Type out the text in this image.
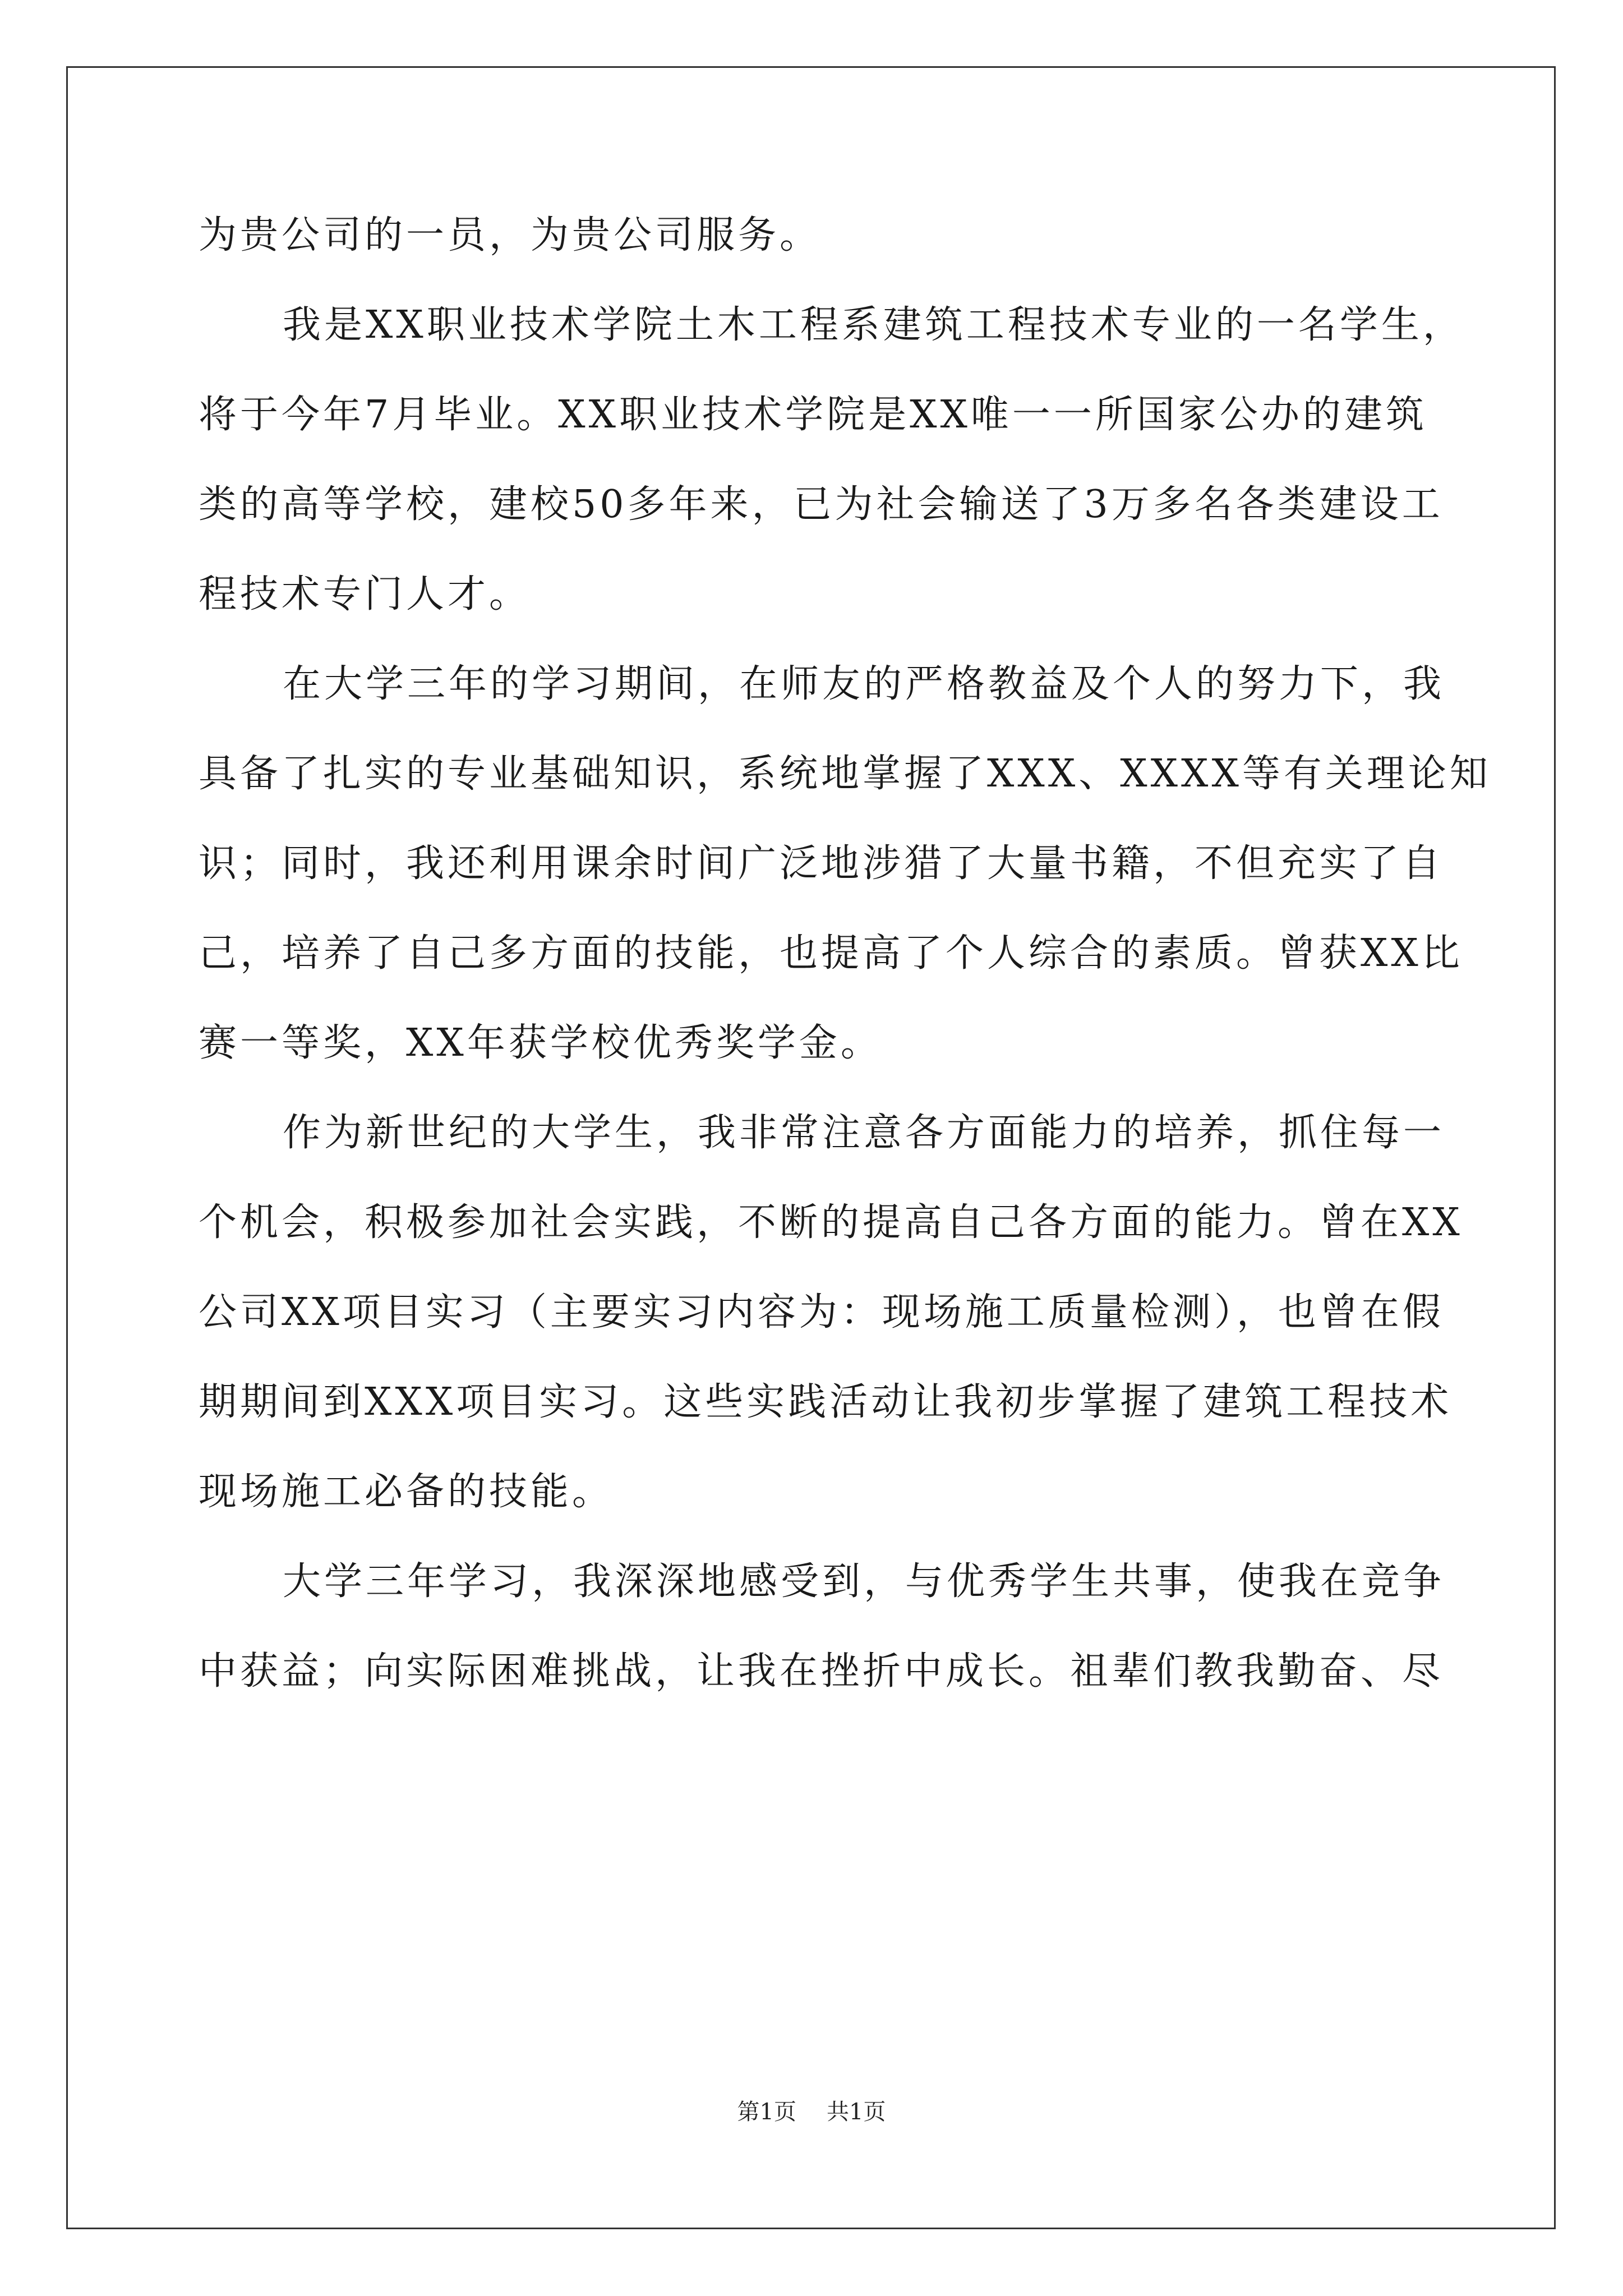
为贵公司的一员，为贵公司服务。

我是XX职业技术学院土木工程系建筑工程技术专业的一名学生，

将于今年7月毕业。XX职业技术学院是XX唯一一所国家公办的建筑

类的高等学校，建校50多年来，已为社会输送了3万多名各类建设工

程技术专门人才。

在大学三年的学习期间，在师友的严格教益及个人的努力下，我

具备了扎实的专业基础知识，系统地掌握了XXX、XXXX等有关理论知

识；同时，我还利用课余时间广泛地涉猎了大量书籍，不但充实了自

己，培养了自己多方面的技能，也提高了个人综合的素质。曾获XX比

赛一等奖，XX年获学校优秀奖学金。

作为新世纪的大学生，我非常注意各方面能力的培养，抓住每一

个机会，积极参加社会实践，不断的提高自己各方面的能力。曾在XX

公司XX项目实习（主要实习内容为：现场施工质量检测），也曾在假

期期间到XXX项目实习。这些实践活动让我初步掌握了建筑工程技术

现场施工必备的技能。

大学三年学习，我深深地感受到，与优秀学生共事，使我在竞争

中获益；向实际困难挑战，让我在挫折中成长。祖辈们教我勤奋、尽

第1页 共1页
